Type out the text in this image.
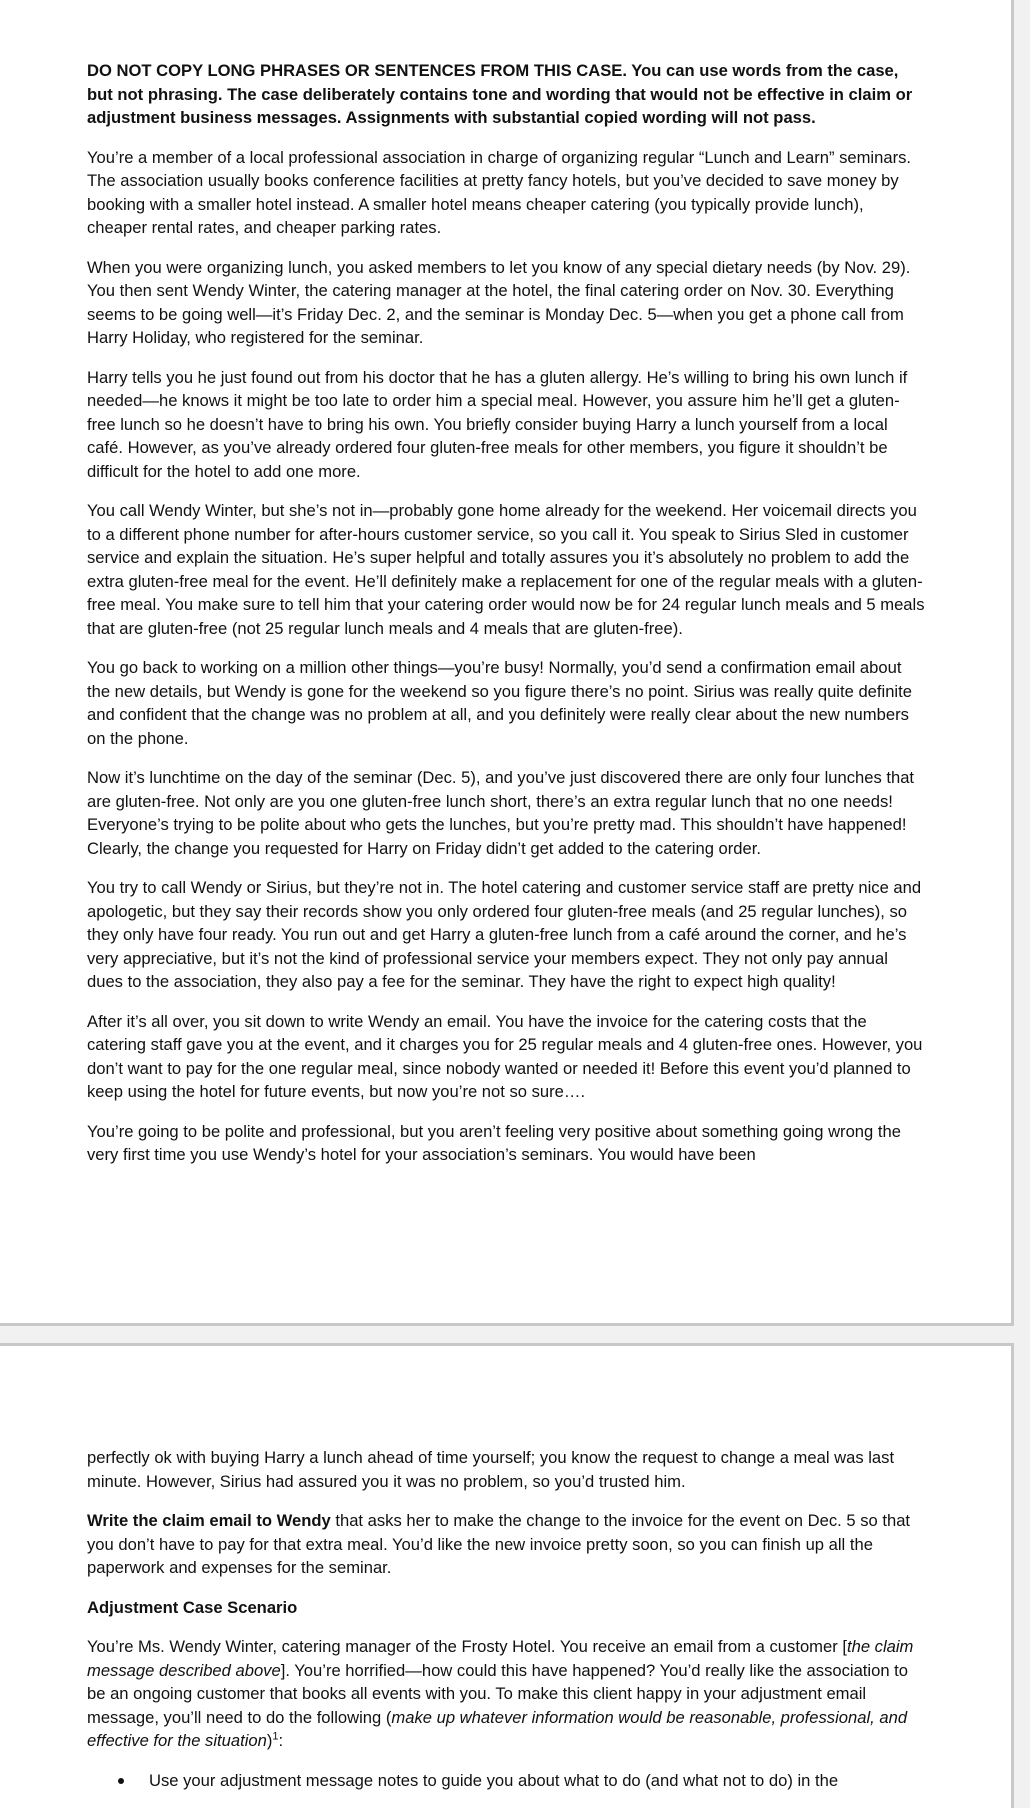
DO NOT COPY LONG PHRASES OR SENTENCES FROM THIS CASE. You can use words from the case, but not phrasing. The case deliberately contains tone and wording that would not be effective in claim or adjustment business messages. Assignments with substantial copied wording will not pass.

You’re a member of a local professional association in charge of organizing regular “Lunch and Learn” seminars. The association usually books conference facilities at pretty fancy hotels, but you’ve decided to save money by booking with a smaller hotel instead. A smaller hotel means cheaper catering (you typically provide lunch), cheaper rental rates, and cheaper parking rates.

When you were organizing lunch, you asked members to let you know of any special dietary needs (by Nov. 29). You then sent Wendy Winter, the catering manager at the hotel, the final catering order on Nov. 30. Everything seems to be going well—it’s Friday Dec. 2, and the seminar is Monday Dec. 5—when you get a phone call from Harry Holiday, who registered for the seminar.

Harry tells you he just found out from his doctor that he has a gluten allergy. He’s willing to bring his own lunch if needed—he knows it might be too late to order him a special meal. However, you assure him he’ll get a gluten-free lunch so he doesn’t have to bring his own. You briefly consider buying Harry a lunch yourself from a local café. However, as you’ve already ordered four gluten-free meals for other members, you figure it shouldn’t be difficult for the hotel to add one more.

You call Wendy Winter, but she’s not in—probably gone home already for the weekend. Her voicemail directs you to a different phone number for after-hours customer service, so you call it. You speak to Sirius Sled in customer service and explain the situation. He’s super helpful and totally assures you it’s absolutely no problem to add the extra gluten-free meal for the event. He’ll definitely make a replacement for one of the regular meals with a gluten-free meal. You make sure to tell him that your catering order would now be for 24 regular lunch meals and 5 meals that are gluten-free (not 25 regular lunch meals and 4 meals that are gluten-free).

You go back to working on a million other things—you’re busy! Normally, you’d send a confirmation email about the new details, but Wendy is gone for the weekend so you figure there’s no point. Sirius was really quite definite and confident that the change was no problem at all, and you definitely were really clear about the new numbers on the phone.

Now it’s lunchtime on the day of the seminar (Dec. 5), and you’ve just discovered there are only four lunches that are gluten-free. Not only are you one gluten-free lunch short, there’s an extra regular lunch that no one needs! Everyone’s trying to be polite about who gets the lunches, but you’re pretty mad. This shouldn’t have happened! Clearly, the change you requested for Harry on Friday didn’t get added to the catering order.

You try to call Wendy or Sirius, but they’re not in. The hotel catering and customer service staff are pretty nice and apologetic, but they say their records show you only ordered four gluten-free meals (and 25 regular lunches), so they only have four ready. You run out and get Harry a gluten-free lunch from a café around the corner, and he’s very appreciative, but it’s not the kind of professional service your members expect. They not only pay annual dues to the association, they also pay a fee for the seminar. They have the right to expect high quality!

After it’s all over, you sit down to write Wendy an email. You have the invoice for the catering costs that the catering staff gave you at the event, and it charges you for 25 regular meals and 4 gluten-free ones. However, you don’t want to pay for the one regular meal, since nobody wanted or needed it! Before this event you’d planned to keep using the hotel for future events, but now you’re not so sure….

You’re going to be polite and professional, but you aren’t feeling very positive about something going wrong the very first time you use Wendy’s hotel for your association’s seminars. You would have been

perfectly ok with buying Harry a lunch ahead of time yourself; you know the request to change a meal was last minute. However, Sirius had assured you it was no problem, so you’d trusted him.

Write the claim email to Wendy that asks her to make the change to the invoice for the event on Dec. 5 so that you don’t have to pay for that extra meal. You’d like the new invoice pretty soon, so you can finish up all the paperwork and expenses for the seminar.

Adjustment Case Scenario

You’re Ms. Wendy Winter, catering manager of the Frosty Hotel. You receive an email from a customer [the claim message described above]. You’re horrified—how could this have happened? You’d really like the association to be an ongoing customer that books all events with you. To make this client happy in your adjustment email message, you’ll need to do the following (make up whatever information would be reasonable, professional, and effective for the situation)$^1$:

Use your adjustment message notes to guide you about what to do (and what not to do) in the
